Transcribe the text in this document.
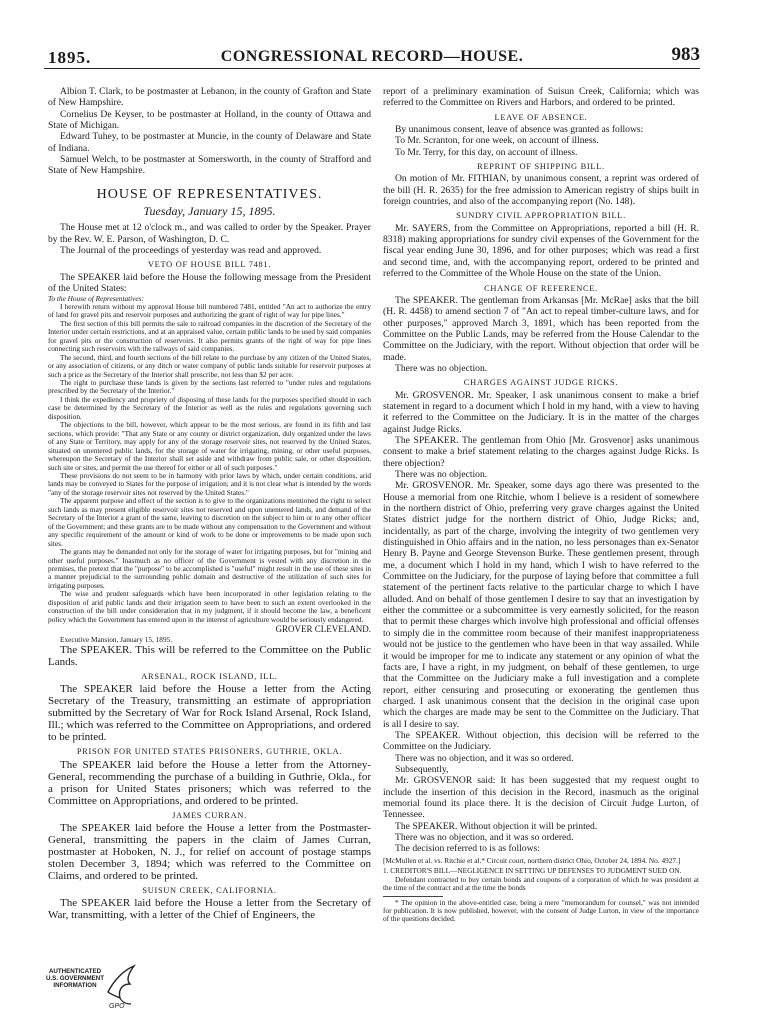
1895.	CONGRESSIONAL RECORD—HOUSE.	983

Albion T. Clark, to be postmaster at Lebanon, in the county of Grafton and State of New Hampshire.

Cornelius De Keyser, to be postmaster at Holland, in the county of Ottawa and State of Michigan.

Edward Tuhey, to be postmaster at Muncie, in the county of Delaware and State of Indiana.

Samuel Welch, to be postmaster at Somersworth, in the county of Strafford and State of New Hampshire.

HOUSE OF REPRESENTATIVES.
Tuesday, January 15, 1895.

The House met at 12 o'clock m., and was called to order by the Speaker. Prayer by the Rev. W. E. Parson, of Washington, D. C.

The Journal of the proceedings of yesterday was read and approved.

VETO OF HOUSE BILL 7481.

The SPEAKER laid before the House the following message from the President of the United States:

To the House of Representatives:

I herewith return without my approval House bill numbered 7481, entitled "An act to authorize the entry of land for gravel pits and reservoir purposes and authorizing the grant of right of way for pipe lines."

The first section of this bill permits the sale to railroad companies in the discretion of the Secretary of the Interior under certain restrictions, and at an appraised value, certain public lands to be used by said companies for gravel pits or the construction of reservoirs. It also permits grants of the right of way for pipe lines connecting such reservoirs with the railways of said companies.

The second, third, and fourth sections of the bill relate to the purchase by any citizen of the United States, or any association of citizens, or any ditch or water company of public lands suitable for reservoir purposes at such a price as the Secretary of the Interior shall prescribe, not less than $2 per acre.

The right to purchase these lands is given by the sections last referred to "under rules and regulations prescribed by the Secretary of the Interior."

I think the expediency and propriety of disposing of these lands for the purposes specified should in each case be determined by the Secretary of the Interior as well as the rules and regulations governing such disposition.

The objections to the bill, however, which appear to be the most serious, are found in its fifth and last sections, which provide: "That any State or any county or district organization, duly organized under the laws of any State or Territory, may apply for any of the storage reservoir sites, not reserved by the United States, situated on unentered public lands, for the storage of water for irrigating, mining, or other useful purposes, whereupon the Secretary of the Interior shall set aside and withdraw from public sale, or other disposition, such site or sites, and permit the use thereof for either or all of such purposes."

These provisions do not seem to be in harmony with prior laws by which, under certain conditions, arid lands may be conveyed to States for the purpose of irrigation; and it is not clear what is intended by the words "any of the storage reservoir sites not reserved by the United States."

The apparent purpose and effect of the section is to give to the organizations mentioned the right to select such lands as may present eligible reservoir sites not reserved and upon unentered lands, and demand of the Secretary of the Interior a grant of the same, leaving to discretion on the subject to him or to any other officer of the Government; and these grants are to be made without any compensation to the Government and without any specific requirement of the amount or kind of work to be done or improvements to be made upon such sites.

The grants may be demanded not only for the storage of water for irrigating purposes, but for "mining and other useful purposes." Inasmuch as no officer of the Government is vested with any discretion in the premises, the pretext that the "purpose" to be accomplished is "useful" might result in the use of these sites in a manner prejudicial to the surrounding public domain and destructive of the utilization of such sites for irrigating purposes.

The wise and prudent safeguards which have been incorporated in other legislation relating to the disposition of arid public lands and their irrigation seem to have been to such an extent overlooked in the construction of the bill under consideration that in my judgment, if it should become the law, a beneficent policy which the Government has entered upon in the interest of agriculture would be seriously endangered.

GROVER CLEVELAND.

Executive Mansion, January 15, 1895.

The SPEAKER. This will be referred to the Committee on the Public Lands.

ARSENAL, ROCK ISLAND, ILL.

The SPEAKER laid before the House a letter from the Acting Secretary of the Treasury, transmitting an estimate of appropriation submitted by the Secretary of War for Rock Island Arsenal, Rock Island, Ill.; which was referred to the Committee on Appropriations, and ordered to be printed.

PRISON FOR UNITED STATES PRISONERS, GUTHRIE, OKLA.

The SPEAKER laid before the House a letter from the Attorney-General, recommending the purchase of a building in Guthrie, Okla., for a prison for United States prisoners; which was referred to the Committee on Appropriations, and ordered to be printed.

JAMES CURRAN.

The SPEAKER laid before the House a letter from the Postmaster-General, transmitting the papers in the claim of James Curran, postmaster at Hoboken, N. J., for relief on account of postage stamps stolen December 3, 1894; which was referred to the Committee on Claims, and ordered to be printed.

SUISUN CREEK, CALIFORNIA.

The SPEAKER laid before the House a letter from the Secretary of War, transmitting, with a letter of the Chief of Engineers, the

report of a preliminary examination of Suisun Creek, California; which was referred to the Committee on Rivers and Harbors, and ordered to be printed.

LEAVE OF ABSENCE.

By unanimous consent, leave of absence was granted as follows:

To Mr. Scranton, for one week, on account of illness.

To Mr. Terry, for this day, on account of illness.

REPRINT OF SHIPPING BILL.

On motion of Mr. FITHIAN, by unanimous consent, a reprint was ordered of the bill (H. R. 2635) for the free admission to American registry of ships built in foreign countries, and also of the accompanying report (No. 148).

SUNDRY CIVIL APPROPRIATION BILL.

Mr. SAYERS, from the Committee on Appropriations, reported a bill (H. R. 8318) making appropriations for sundry civil expenses of the Government for the fiscal year ending June 30, 1896, and for other purposes; which was read a first and second time, and, with the accompanying report, ordered to be printed and referred to the Committee of the Whole House on the state of the Union.

CHANGE OF REFERENCE.

The SPEAKER. The gentleman from Arkansas [Mr. McRae] asks that the bill (H. R. 4458) to amend section 7 of "An act to repeal timber-culture laws, and for other purposes," approved March 3, 1891, which has been reported from the Committee on the Public Lands, may be referred from the House Calendar to the Committee on the Judiciary, with the report. Without objection that order will be made.

There was no objection.

CHARGES AGAINST JUDGE RICKS.

Mr. GROSVENOR. Mr. Speaker, I ask unanimous consent to make a brief statement in regard to a document which I hold in my hand, with a view to having it referred to the Committee on the Judiciary. It is in the matter of the charges against Judge Ricks.

The SPEAKER. The gentleman from Ohio [Mr. Grosvenor] asks unanimous consent to make a brief statement relating to the charges against Judge Ricks. Is there objection?

There was no objection.

Mr. GROSVENOR. Mr. Speaker, some days ago there was presented to the House a memorial from one Ritchie, whom I believe is a resident of somewhere in the northern district of Ohio, preferring very grave charges against the United States district judge for the northern district of Ohio, Judge Ricks; and, incidentally, as part of the charge, involving the integrity of two gentlemen very distinguished in Ohio affairs and in the nation, no less personages than ex-Senator Henry B. Payne and George Stevenson Burke. These gentlemen present, through me, a document which I hold in my hand, which I wish to have referred to the Committee on the Judiciary, for the purpose of laying before that committee a full statement of the pertinent facts relative to the particular charge to which I have alluded. And on behalf of those gentlemen I desire to say that an investigation by either the committee or a subcommittee is very earnestly solicited, for the reason that to permit these charges which involve high professional and official offenses to simply die in the committee room because of their manifest inappropriateness would not be justice to the gentlemen who have been in that way assailed. While it would be improper for me to indicate any statement or any opinion of what the facts are, I have a right, in my judgment, on behalf of these gentlemen, to urge that the Committee on the Judiciary make a full investigation and a complete report, either censuring and prosecuting or exonerating the gentlemen thus charged. I ask unanimous consent that the decision in the original case upon which the charges are made may be sent to the Committee on the Judiciary. That is all I desire to say.

The SPEAKER. Without objection, this decision will be referred to the Committee on the Judiciary.

There was no objection, and it was so ordered.

Subsequently,

Mr. GROSVENOR said: It has been suggested that my request ought to include the insertion of this decision in the Record, inasmuch as the original memorial found its place there. It is the decision of Circuit Judge Lurton, of Tennessee.

The SPEAKER. Without objection it will be printed.

There was no objection, and it was so ordered.

The decision referred to is as follows:

[McMullen et al. vs. Ritchie et al.* Circuit court, northern district Ohio, October 24, 1894. No. 4927.]

1. CREDITOR'S BILL—NEGLIGENCE IN SETTING UP DEFENSES TO JUDGMENT SUED ON.

Defendant contracted to buy certain bonds and coupons of a corporation of which he was president at the time of the contract and at the time the bonds

* The opinion in the above-entitled case, being a mere "memorandum for counsel," was not intended for publication. It is now published, however, with the consent of Judge Lurton, in view of the importance of the questions decided.

AUTHENTICATED U.S. GOVERNMENT INFORMATION
GPO
